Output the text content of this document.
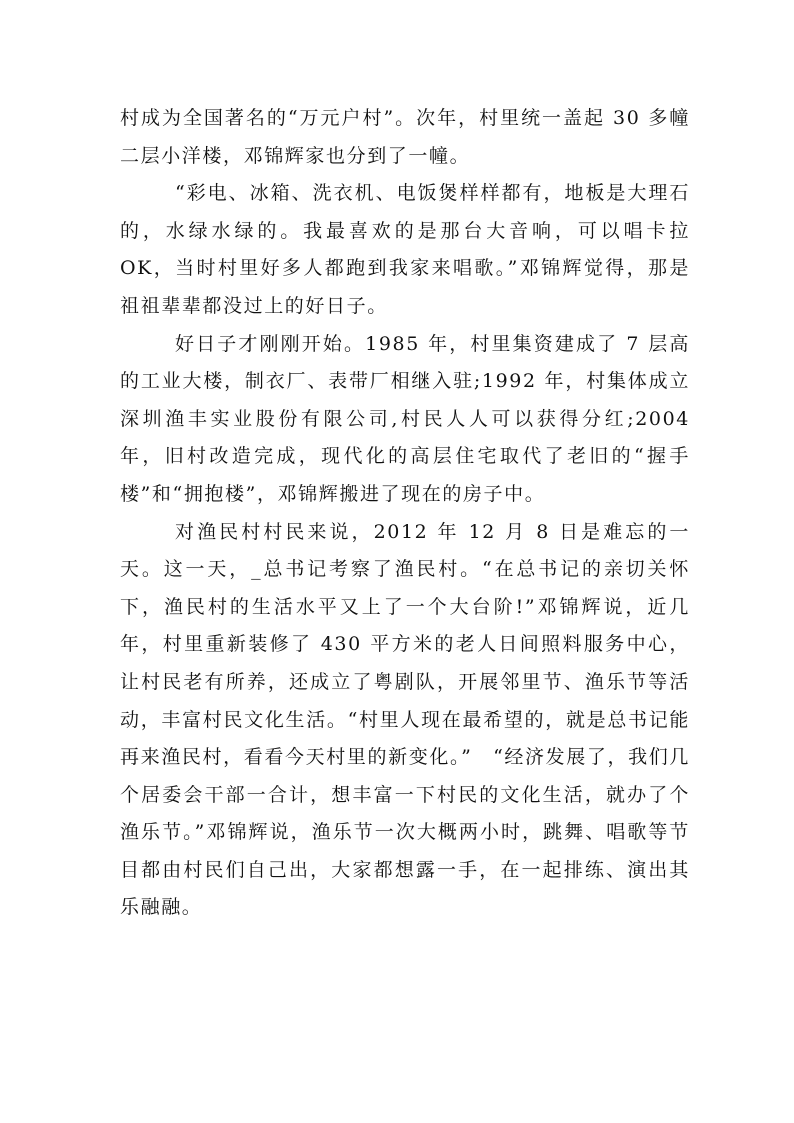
村成为全国著名的“万元户村”。次年，村里统一盖起 30 多幢二层小洋楼，邓锦辉家也分到了一幢。

“彩电、冰箱、洗衣机、电饭煲样样都有，地板是大理石的，水绿水绿的。我最喜欢的是那台大音响，可以唱卡拉 OK，当时村里好多人都跑到我家来唱歌。”邓锦辉觉得，那是祖祖辈辈都没过上的好日子。

好日子才刚刚开始。1985 年，村里集资建成了 7 层高的工业大楼，制衣厂、表带厂相继入驻;1992 年，村集体成立深圳渔丰实业股份有限公司,村民人人可以获得分红;2004 年，旧村改造完成，现代化的高层住宅取代了老旧的“握手楼”和“拥抱楼”，邓锦辉搬进了现在的房子中。

对渔民村村民来说，2012 年 12 月 8 日是难忘的一天。这一天，_总书记考察了渔民村。“在总书记的亲切关怀下，渔民村的生活水平又上了一个大台阶!”邓锦辉说，近几年，村里重新装修了 430 平方米的老人日间照料服务中心，让村民老有所养，还成立了粤剧队，开展邻里节、渔乐节等活动，丰富村民文化生活。“村里人现在最希望的，就是总书记能再来渔民村，看看今天村里的新变化。”　“经济发展了，我们几个居委会干部一合计，想丰富一下村民的文化生活，就办了个渔乐节。”邓锦辉说，渔乐节一次大概两小时，跳舞、唱歌等节目都由村民们自己出，大家都想露一手，在一起排练、演出其乐融融。
